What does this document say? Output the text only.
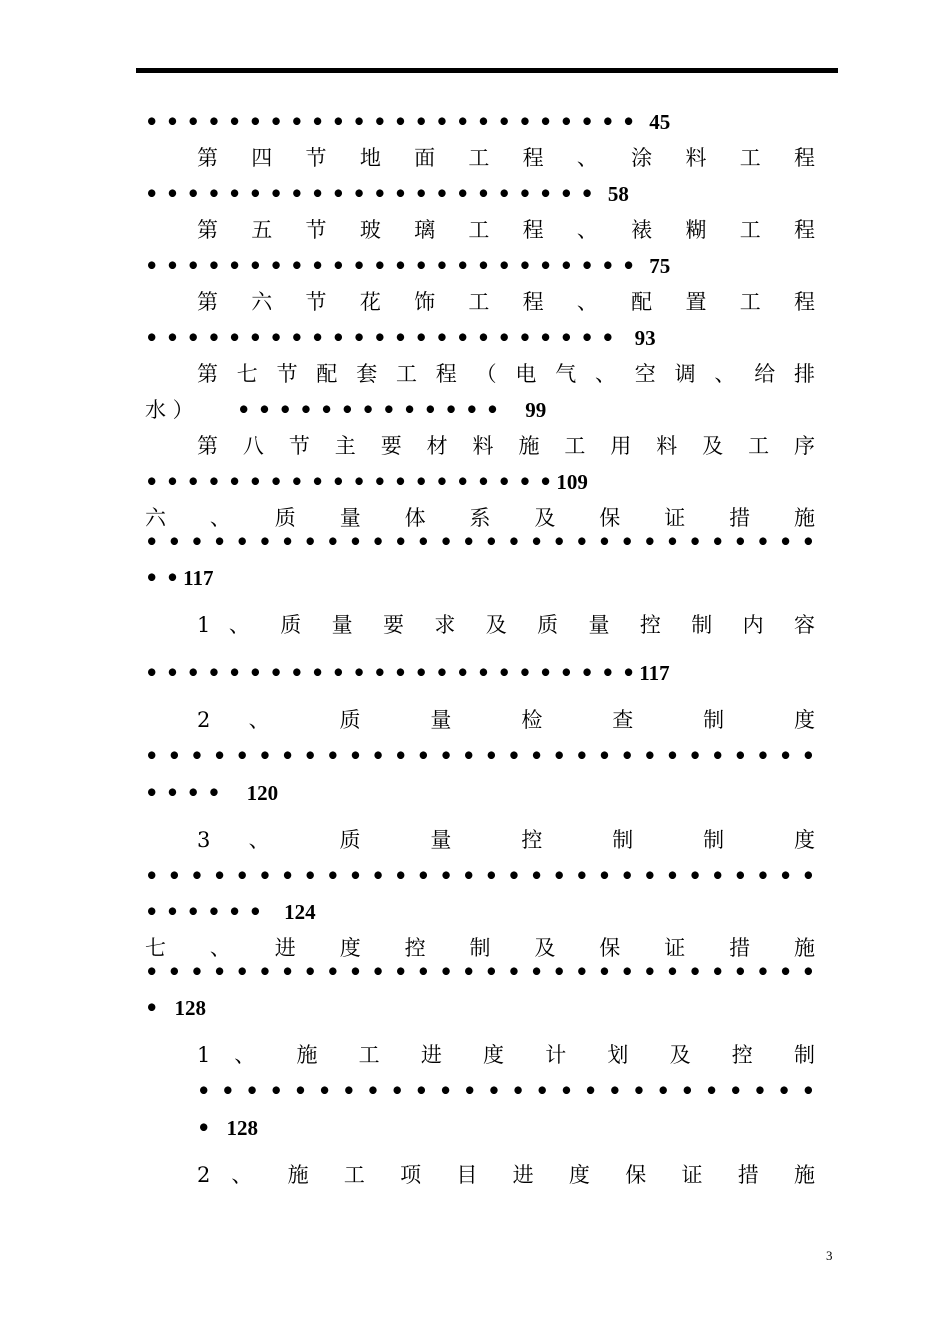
• • • • • • • • • • • • • • • • • • • • • • • • 45
第 四 节 地 面 工 程 、 涂 料 工 程
• • • • • • • • • • • • • • • • • • • • • • 58
第 五 节 玻 璃 工 程 、 裱 糊 工 程
• • • • • • • • • • • • • • • • • • • • • • • • 75
第 六 节 花 饰 工 程 、 配 置 工 程
• • • • • • • • • • • • • • • • • • • • • • • 93
第 七 节 配 套 工 程 （ 电 气 、 空 调 、 给 排
水 ）	• • • • • • • • • • • • • 99
第 八 节 主 要 材 料 施 工 用 料 及 工 序
• • • • • • • • • • • • • • • • • • • • 109
六 、 质 量 体 系 及 保 证 措 施
• • • • • • • • • • • • • • • • • • • • • • • • • • • • • •
• • 117
1 、 质 量 要 求 及 质 量 控 制 内 容
• • • • • • • • • • • • • • • • • • • • • • • • 117
2 、 质 量 检 查 制 度
• • • • • • • • • • • • • • • • • • • • • • • • • • • • • •
• • • • 120
3 、 质 量 控 制 制 度
• • • • • • • • • • • • • • • • • • • • • • • • • • • • • •
• • • • • • 124
七 、 进 度 控 制 及 保 证 措 施
• • • • • • • • • • • • • • • • • • • • • • • • • • • • • •
• 128
1 、 施 工 进 度 计 划 及 控 制
• • • • • • • • • • • • • • • • • • • • • • • • • •
• 128
2 、 施 工 项 目 进 度 保 证 措 施
3
